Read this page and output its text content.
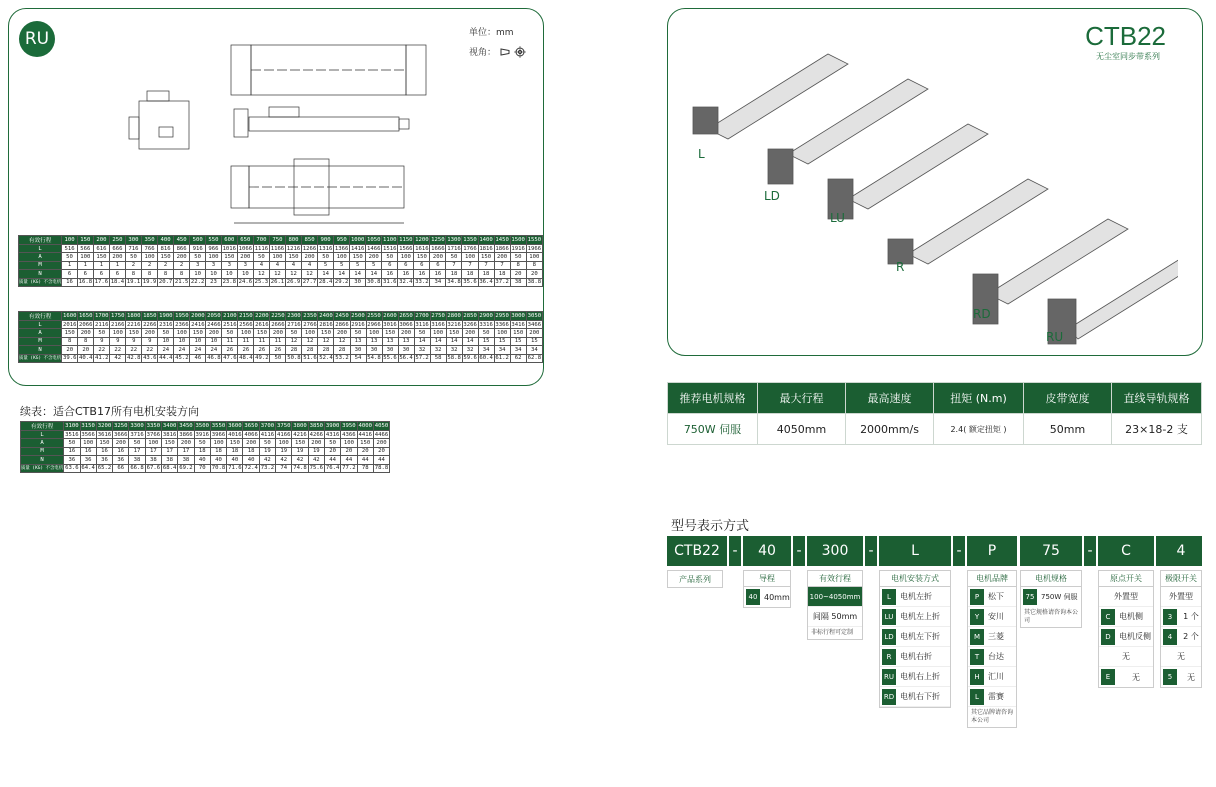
RU	单位：mm
视角：
有效行程	100	150	200	250	300	350	400	450	500	550	600	650	700	750	800	850	900	950	1000	1050	1100	1150	1200	1250	1300	1350	1400	1450	1500	1550
L	516	566	616	666	716	766	816	866	916	966	1016	1066	1116	1166	1216	1266	1316	1366	1416	1466	1516	1566	1616	1666	1716	1766	1816	1866	1916	1966
A	50	100	150	200	50	100	150	200	50	100	150	200	50	100	150	200	50	100	150	200	50	100	150	200	50	100	150	200	50	100
M	1	1	1	1	2	2	2	2	3	3	3	3	4	4	4	4	5	5	5	5	6	6	6	6	7	7	7	7	8	8
N	6	6	6	6	8	8	8	8	10	10	10	10	12	12	12	12	14	14	14	14	16	16	16	16	18	18	18	18	20	20
质量 (KG) 不含电机	16	16.8	17.6	18.4	19.1	19.9	20.7	21.5	22.2	23	23.8	24.6	25.3	26.1	26.9	27.7	28.4	29.2	30	30.8	31.6	32.4	33.2	34	34.8	35.6	36.4	37.2	38	38.8
有效行程	1600	1650	1700	1750	1800	1850	1900	1950	2000	2050	2100	2150	2200	2250	2300	2350	2400	2450	2500	2550	2600	2650	2700	2750	2800	2850	2900	2950	3000	3050
L	2016	2066	2116	2166	2216	2266	2316	2366	2416	2466	2516	2566	2616	2666	2716	2766	2816	2866	2916	2966	3016	3066	3116	3166	3216	3266	3316	3366	3416	3466
A	150	200	50	100	150	200	50	100	150	200	50	100	150	200	50	100	150	200	50	100	150	200	50	100	150	200	50	100	150	200
M	8	8	9	9	9	9	10	10	10	10	11	11	11	11	12	12	12	12	13	13	13	13	14	14	14	14	15	15	15	15
N	20	20	22	22	22	22	24	24	24	24	26	26	26	26	28	28	28	28	30	30	30	30	32	32	32	32	34	34	34	34
质量 (KG) 不含电机	39.6	40.4	41.2	42	42.8	43.6	44.4	45.2	46	46.8	47.6	48.4	49.2	50	50.8	51.6	52.4	53.2	54	54.8	55.6	56.4	57.2	58	58.8	59.6	60.4	61.2	62	62.8
续表：适合CTB17所有电机安装方向
有效行程	3100	3150	3200	3250	3300	3350	3400	3450	3500	3550	3600	3650	3700	3750	3800	3850	3900	3950	4000	4050
L	3516	3566	3616	3666	3716	3766	3816	3866	3916	3966	4016	4066	4116	4166	4216	4266	4316	4366	4416	4466
A	50	100	150	200	50	100	150	200	50	100	150	200	50	100	150	200	50	100	150	200
M	16	16	16	16	17	17	17	17	18	18	18	18	19	19	19	19	20	20	20	20
N	36	36	36	36	38	38	38	38	40	40	40	40	42	42	42	42	44	44	44	44
质量 (KG) 不含电机	63.6	64.4	65.2	66	66.8	67.6	68.4	69.2	70	70.8	71.6	72.4	73.2	74	74.8	75.6	76.4	77.2	78	78.8
CTB22
无尘室同步带系列
L
LD
LU
R
RD
RU
推荐电机规格	最大行程	最高速度	扭矩 (N.m)	皮带宽度	直线导轨规格
750W 伺服	4050mm	2000mm/s	2.4( 额定扭矩 )	50mm	23×18-2 支
型号表示方式
CTB22 -	40	-	300	-	L	-	P	75	-	C	4
产品系列	导程
40 40mm
有效行程
100~4050mm
间隔 50mm
非标行程可定制
电机安装方式
L	电机左折
LU 电机左上折
LD 电机左下折
R	电机右折
RU 电机右上折
RD 电机右下折
电机品牌
P	松下
Y	安川
M 三菱
T	台达
H	汇川
L	雷赛
其它品牌请咨询本公司
电机规格
75 750W 伺服
其它规格请咨询本公司
原点开关
外置型
C	电机侧
D	电机反侧
无
E	无
极限开关
外置型
3	1 个
4	2 个
无
5	无
